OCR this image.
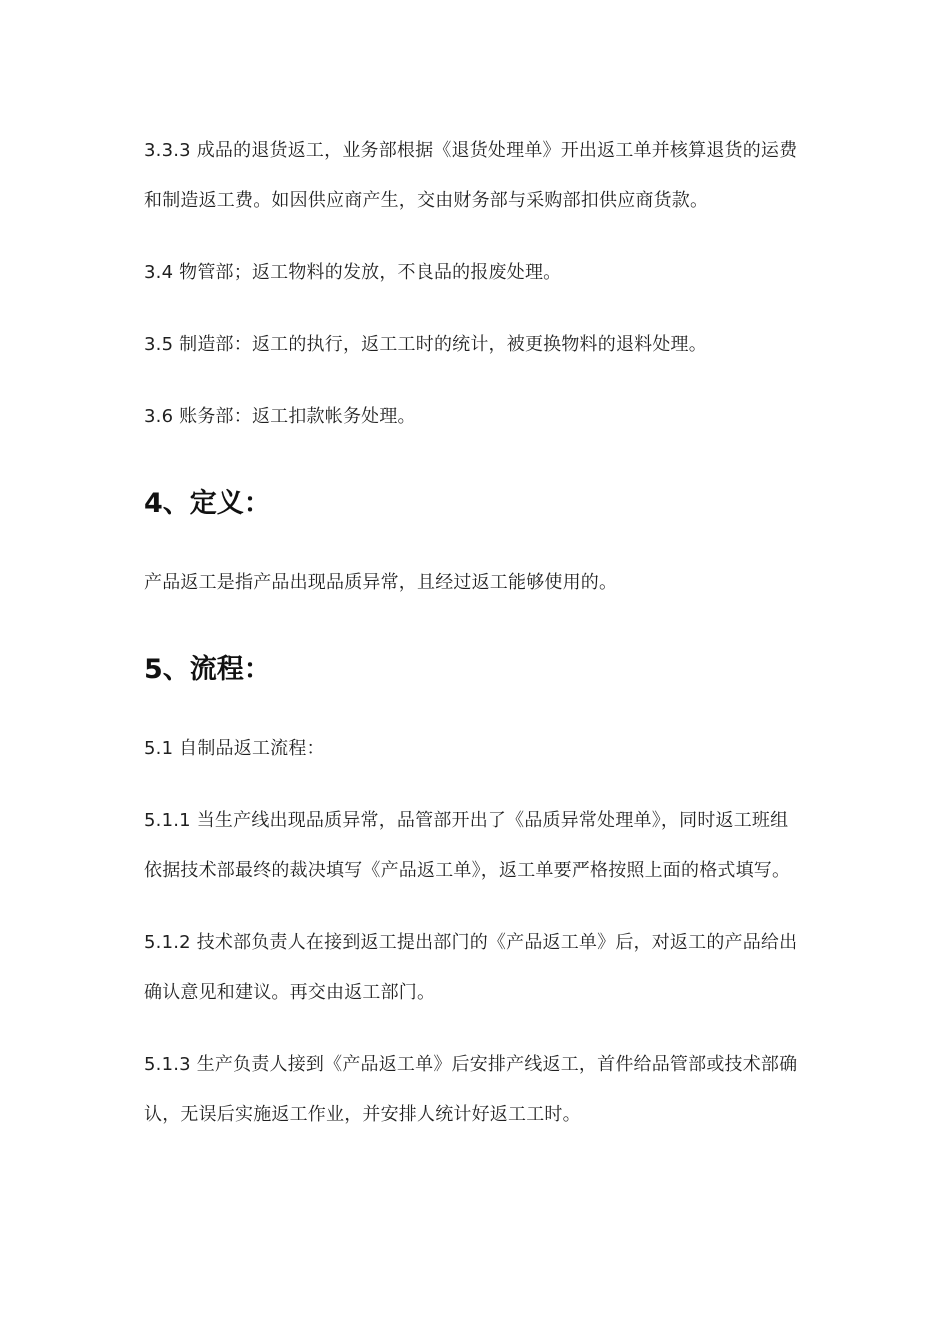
3.3.3 成品的退货返工，业务部根据《退货处理单》开出返工单并核算退货的运费和制造返工费。如因供应商产生，交由财务部与采购部扣供应商货款。

3.4 物管部；返工物料的发放，不良品的报废处理。

3.5 制造部：返工的执行，返工工时的统计，被更换物料的退料处理。

3.6 账务部：返工扣款帐务处理。

4、定义：

产品返工是指产品出现品质异常，且经过返工能够使用的。

5、流程：

5.1 自制品返工流程：

5.1.1 当生产线出现品质异常，品管部开出了《品质异常处理单》，同时返工班组依据技术部最终的裁决填写《产品返工单》，返工单要严格按照上面的格式填写。

5.1.2 技术部负责人在接到返工提出部门的《产品返工单》后，对返工的产品给出确认意见和建议。再交由返工部门。

5.1.3 生产负责人接到《产品返工单》后安排产线返工，首件给品管部或技术部确认，无误后实施返工作业，并安排人统计好返工工时。
